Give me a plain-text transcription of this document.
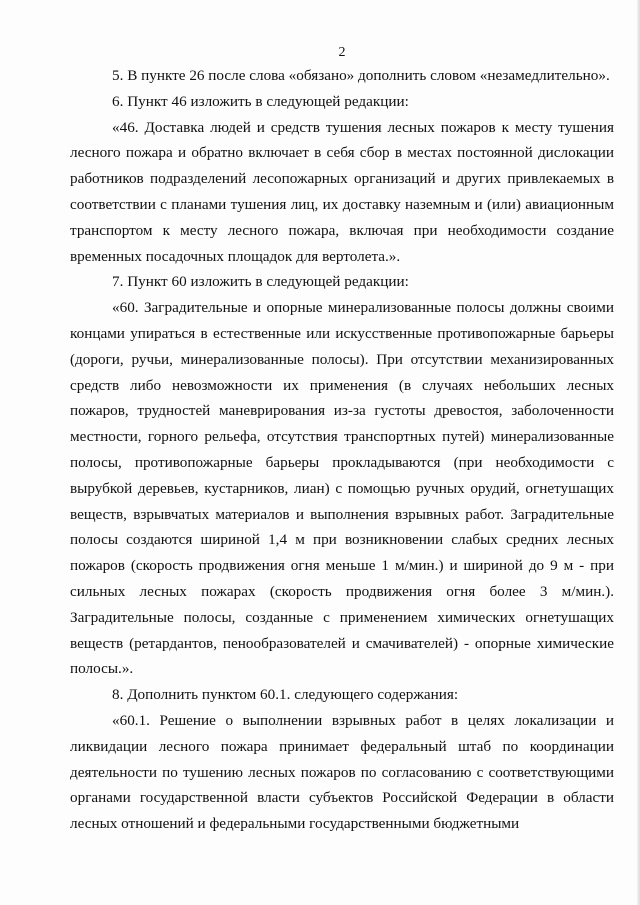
2

5. В пункте 26 после слова «обязано» дополнить словом «незамедлительно».

6. Пункт 46 изложить в следующей редакции:

«46. Доставка людей и средств тушения лесных пожаров к месту тушения лесного пожара и обратно включает в себя сбор в местах постоянной дислокации работников подразделений лесопожарных организаций и других привлекаемых в соответствии с планами тушения лиц, их доставку наземным и (или) авиационным транспортом к месту лесного пожара, включая при необходимости создание временных посадочных площадок для вертолета.».

7. Пункт 60 изложить в следующей редакции:

«60. Заградительные и опорные минерализованные полосы должны своими концами упираться в естественные или искусственные противопожарные барьеры (дороги, ручьи, минерализованные полосы). При отсутствии механизированных средств либо невозможности их применения (в случаях небольших лесных пожаров, трудностей маневрирования из-за густоты древостоя, заболоченности местности, горного рельефа, отсутствия транспортных путей) минерализованные полосы, противопожарные барьеры прокладываются (при необходимости с вырубкой деревьев, кустарников, лиан) с помощью ручных орудий, огнетушащих веществ, взрывчатых материалов и выполнения взрывных работ. Заградительные полосы создаются шириной 1,4 м при возникновении слабых средних лесных пожаров (скорость продвижения огня меньше 1 м/мин.) и шириной до 9 м - при сильных лесных пожарах (скорость продвижения огня более 3 м/мин.). Заградительные полосы, созданные с применением химических огнетушащих веществ (ретардантов, пенообразователей и смачивателей) - опорные химические полосы.».

8. Дополнить пунктом 60.1. следующего содержания:

«60.1. Решение о выполнении взрывных работ в целях локализации и ликвидации лесного пожара принимает федеральный штаб по координации деятельности по тушению лесных пожаров по согласованию с соответствующими органами государственной власти субъектов Российской Федерации в области лесных отношений и федеральными государственными бюджетными
